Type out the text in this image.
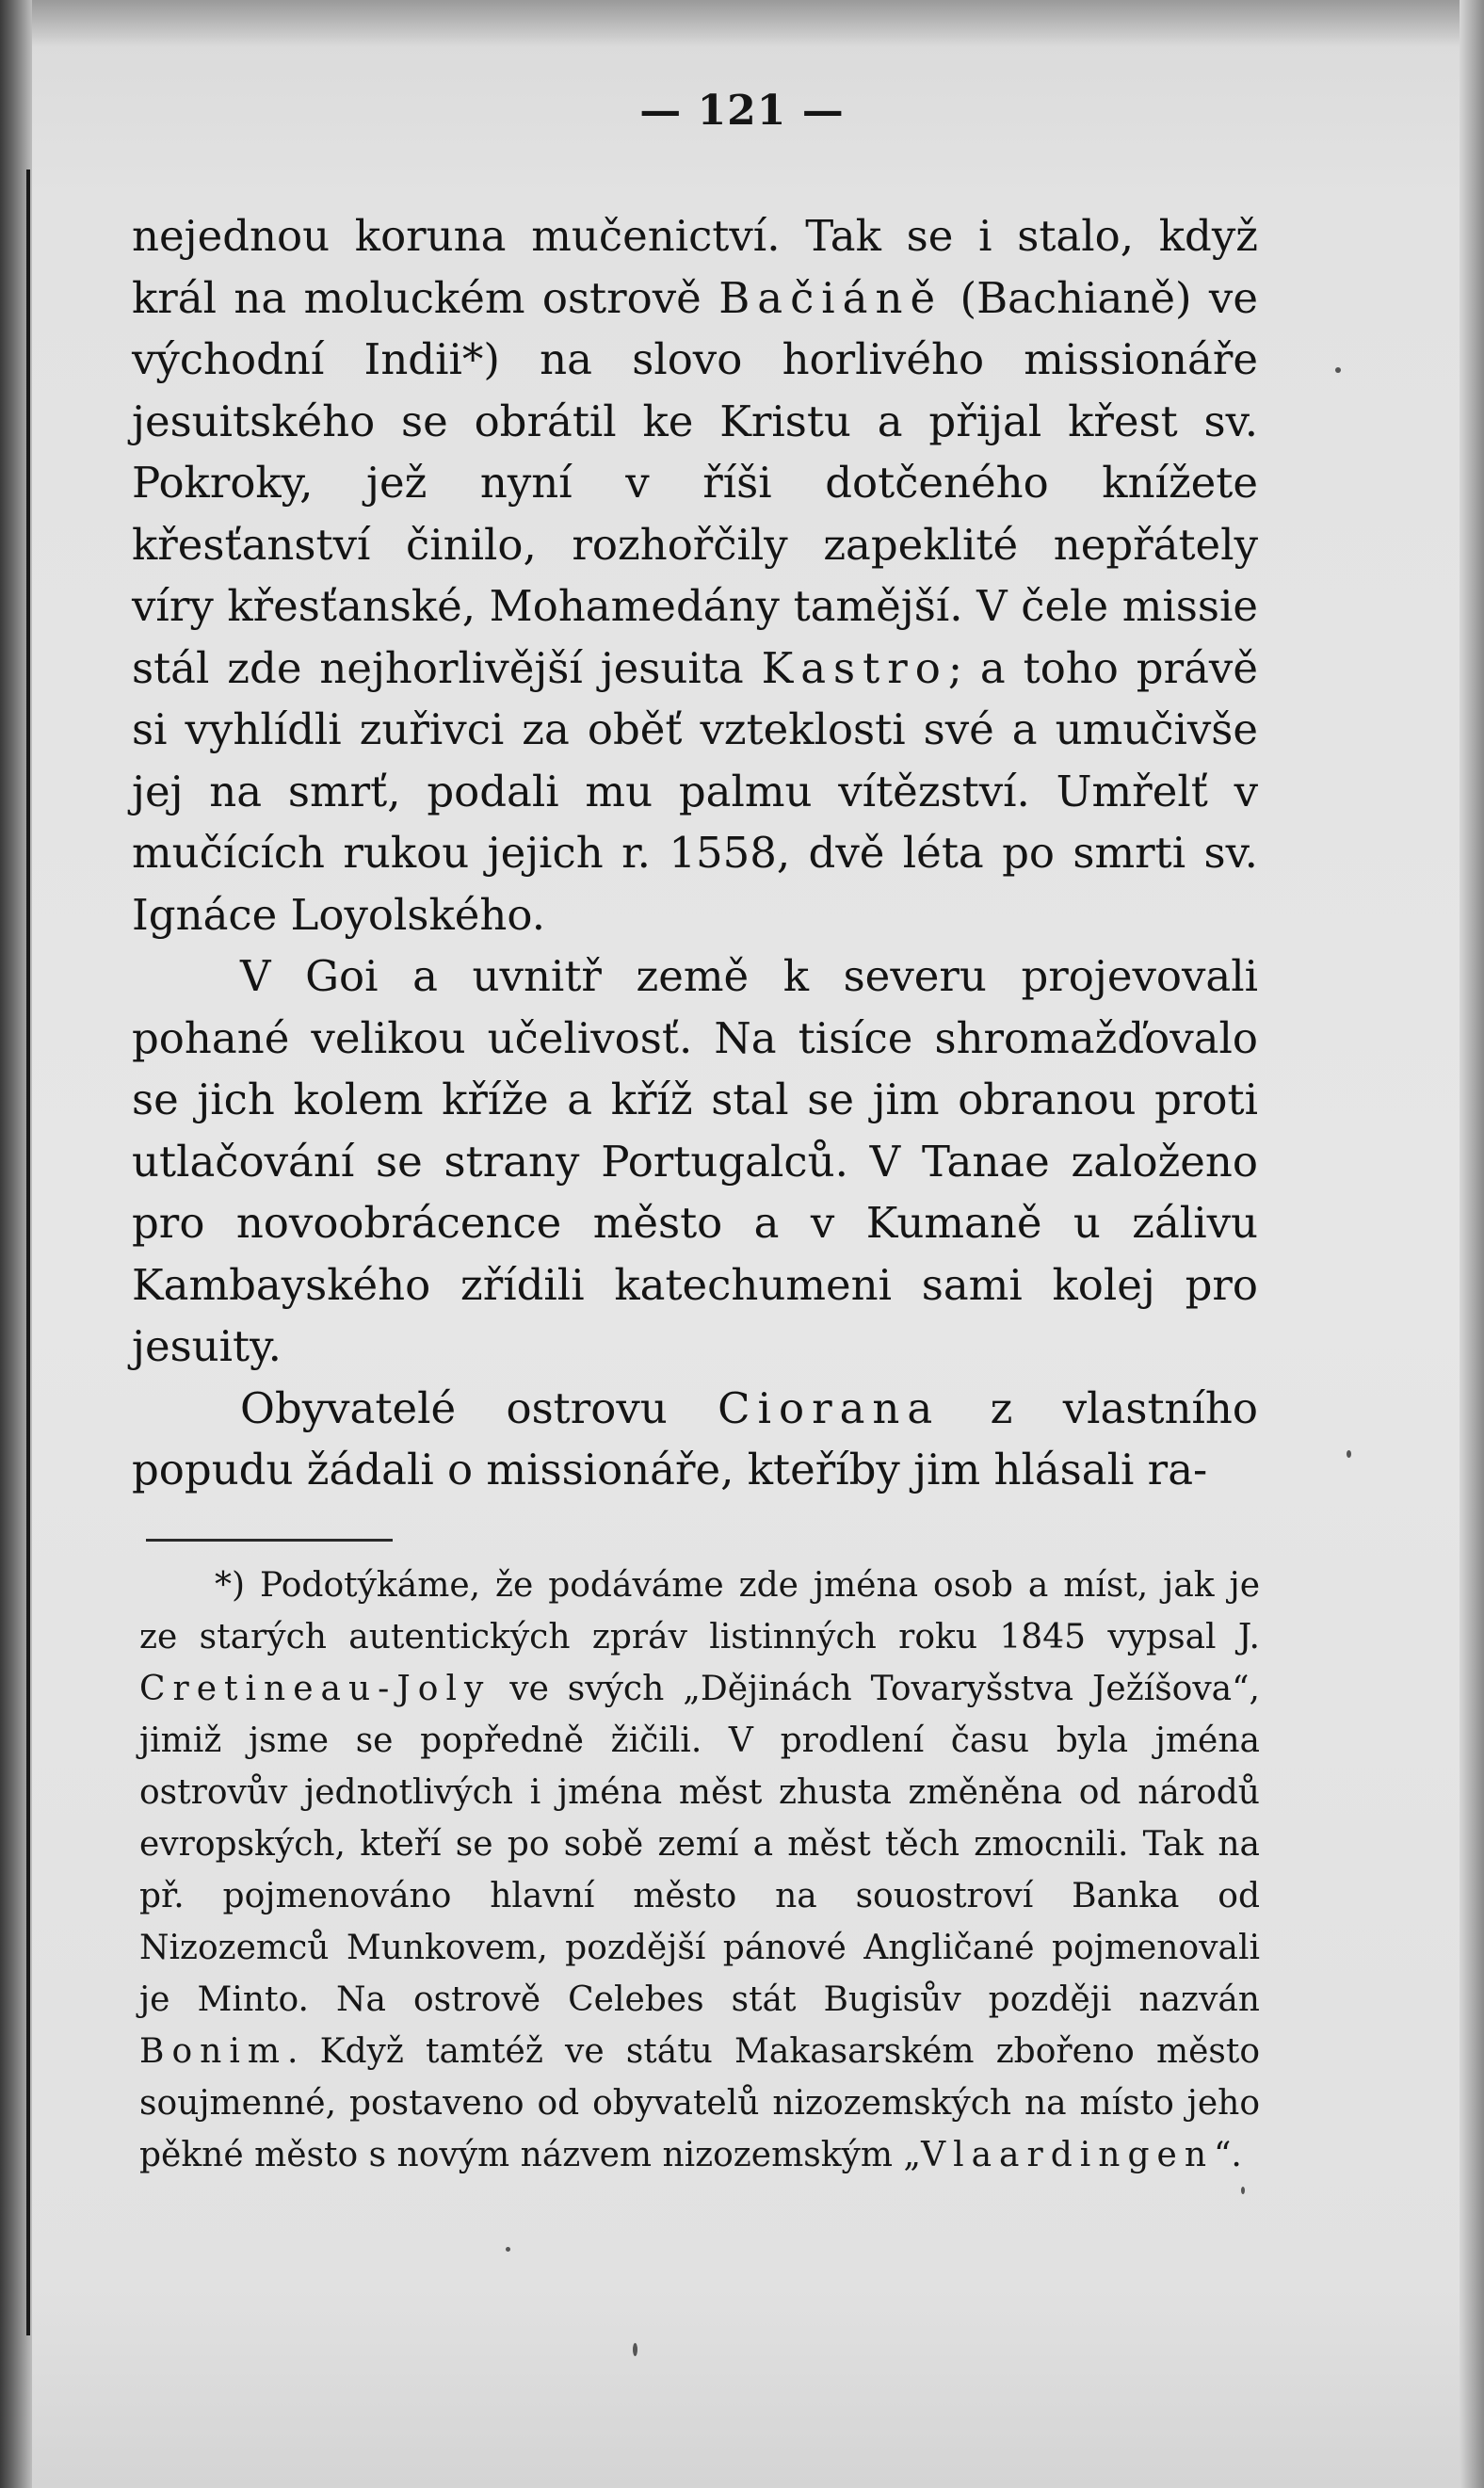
— 121 —

nejednou koruna mučenictví. Tak se i stalo, když král na moluckém ostrově Bačiáně (Bachianě) ve východní Indii*) na slovo horlivého missionáře jesuitského se obrátil ke Kristu a přijal křest sv. Pokroky, jež nyní v říši dotčeného knížete křesťanství činilo, rozhořčily zapeklité nepřátely víry křesťanské, Mohamedány tamější. V čele missie stál zde nejhorlivější jesuita Kastro; a toho právě si vyhlídli zuřivci za oběť vzteklosti své a umučivše jej na smrť, podali mu palmu vítězství. Umřelť v mučících rukou jejich r. 1558, dvě léta po smrti sv. Ignáce Loyolského.

V Goi a uvnitř země k severu projevovali pohané velikou učelivosť. Na tisíce shromažďovalo se jich kolem kříže a kříž stal se jim obranou proti utlačování se strany Portugalců. V Tanae založeno pro novoobrácence město a v Kumaně u zálivu Kambayského zřídili katechumeni sami kolej pro jesuity.

Obyvatelé ostrovu Ciorana z vlastního popudu žádali o missionáře, kteříby jim hlásali ra-

*) Podotýkáme, že podáváme zde jména osob a míst, jak je ze starých autentických zpráv listinných roku 1845 vypsal J. Cretineau-Joly ve svých „Dějinách Tovaryšstva Ježíšova“, jimiž jsme se popředně žičili. V prodlení času byla jména ostrovův jednotlivých i jména měst zhusta změněna od národů evropských, kteří se po sobě zemí a měst těch zmocnili. Tak na př. pojmenováno hlavní město na souostroví Banka od Nizozemců Munkovem, pozdější pánové Angličané pojmenovali je Minto. Na ostrově Celebes stát Bugisův později nazván Bonim. Když tamtéž ve státu Makasarském zbořeno město soujmenné, postaveno od obyvatelů nizozemských na místo jeho pěkné město s novým názvem nizozemským „Vlaardingen“.
